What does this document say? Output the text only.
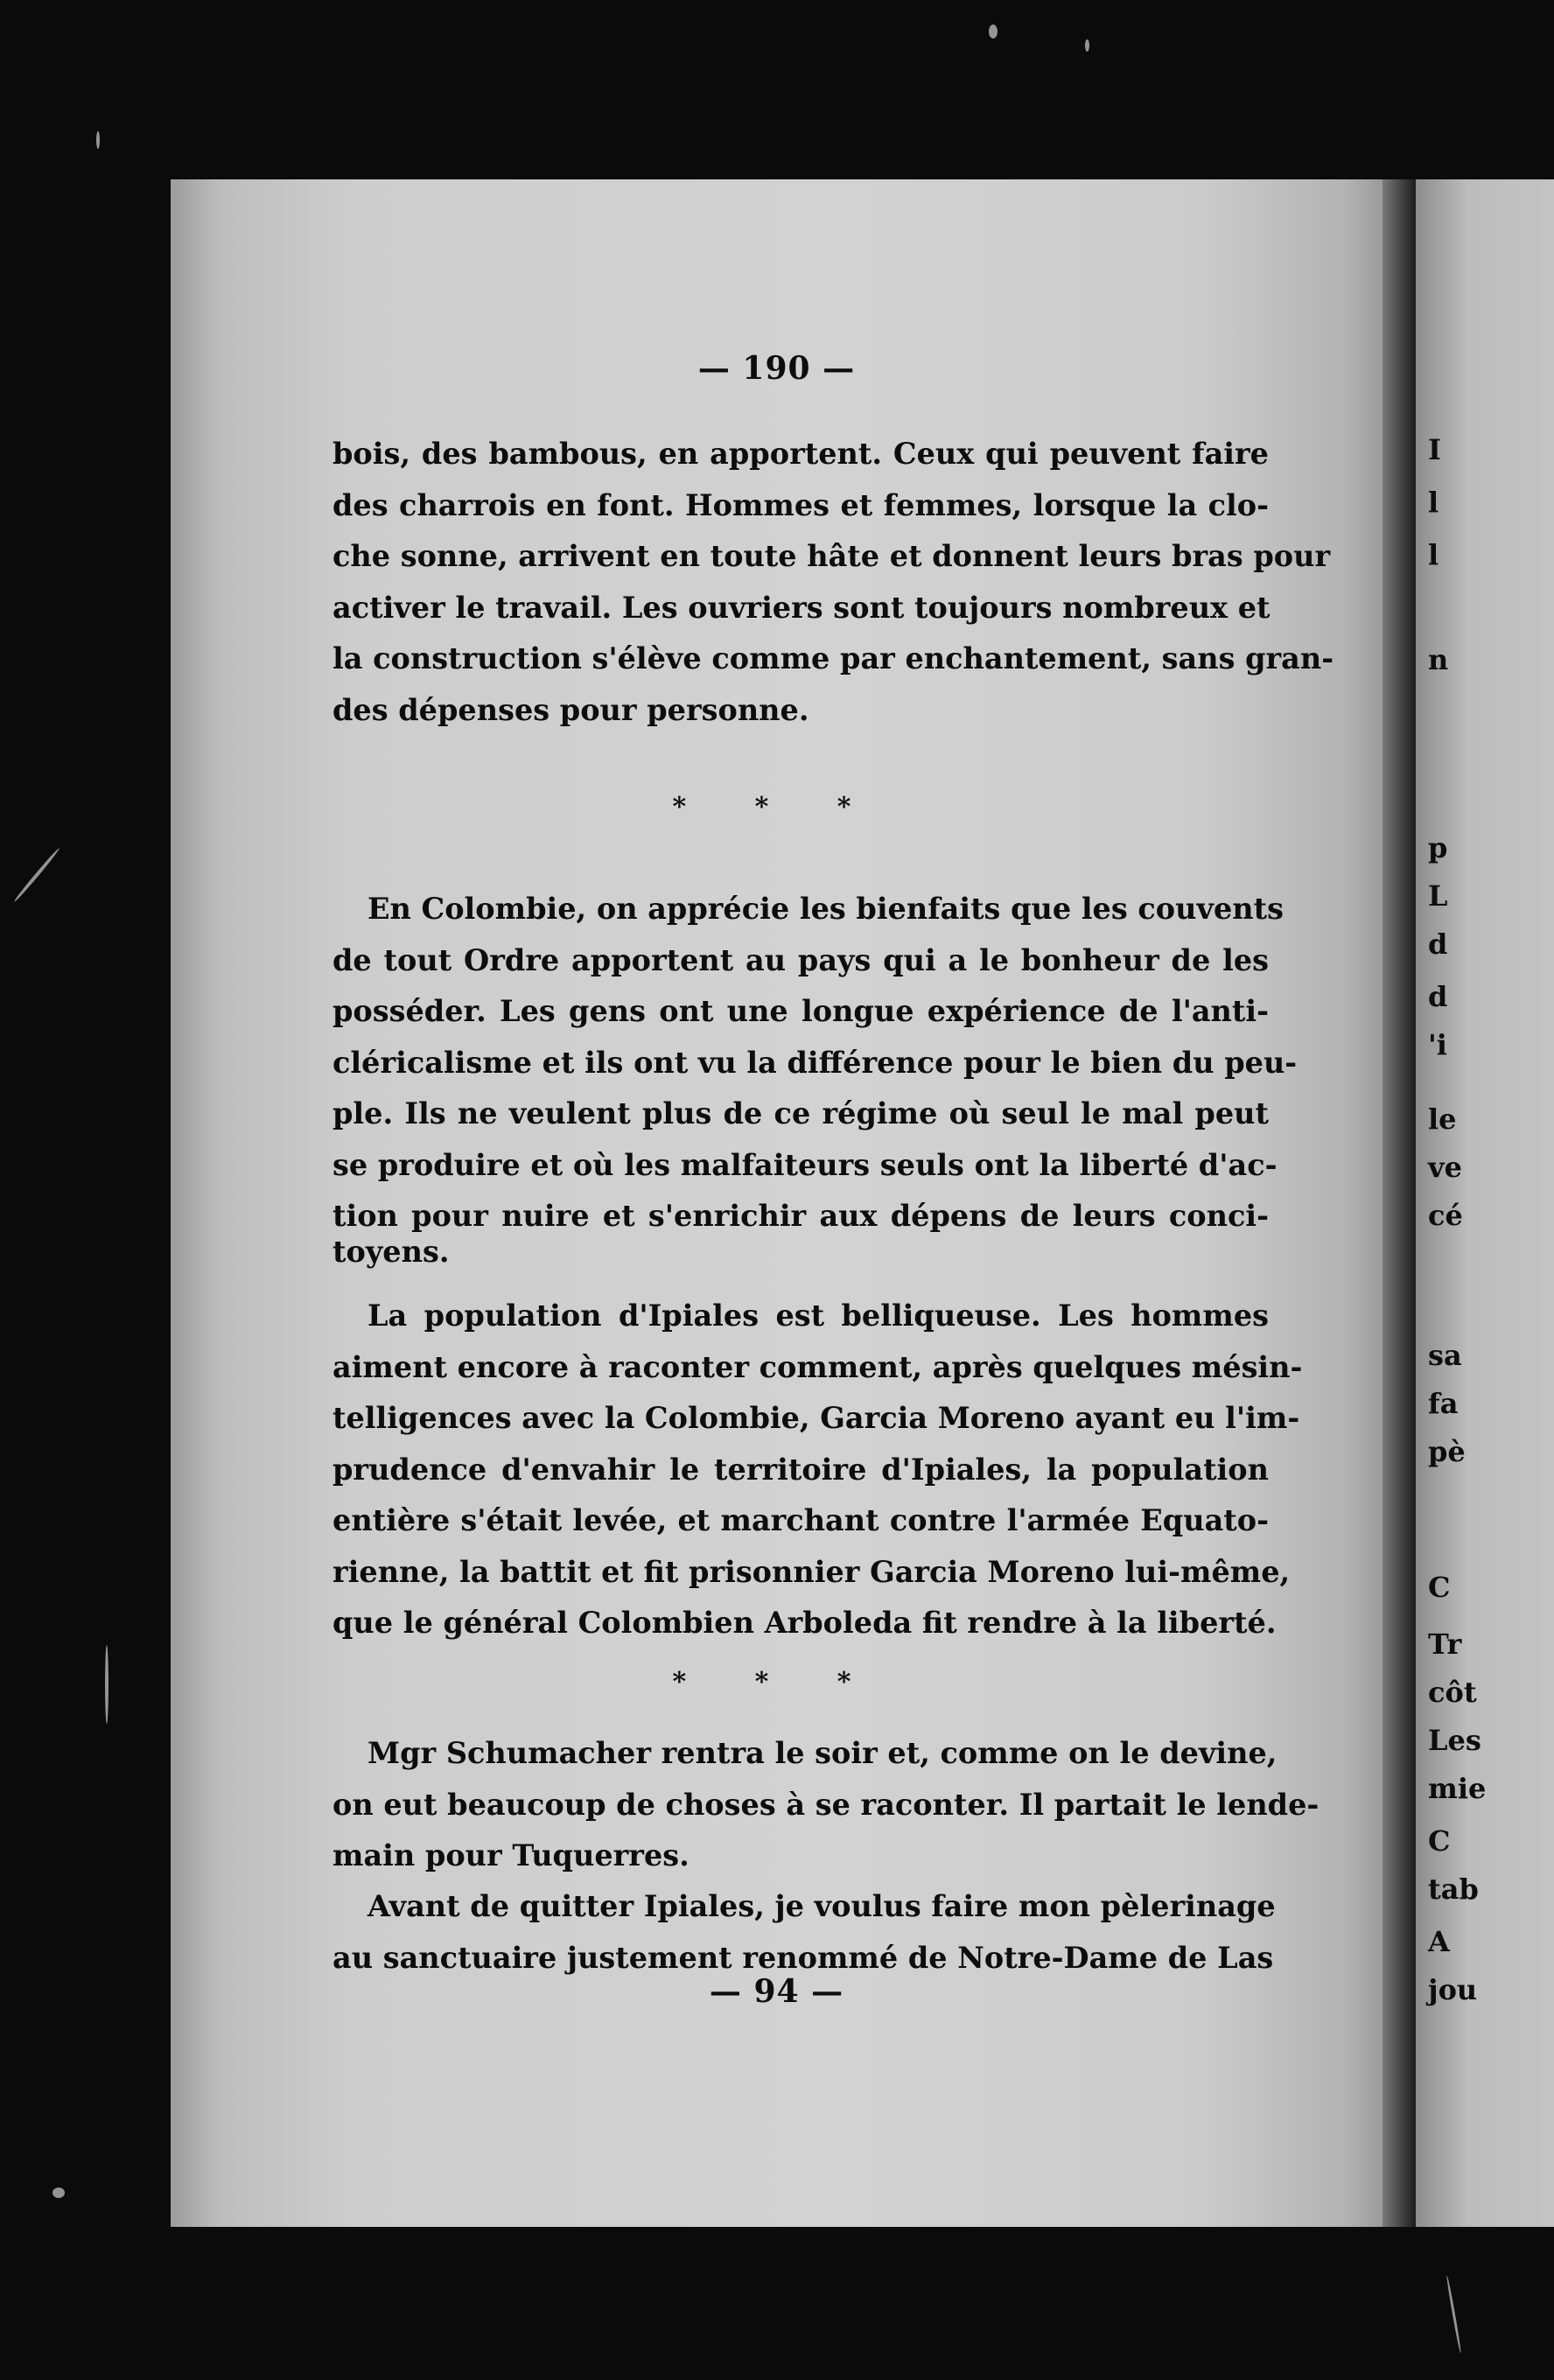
— 190 —
bois, des bambous, en apportent. Ceux qui peuvent faire
des charrois en font. Hommes et femmes, lorsque la clo-
che sonne, arrivent en toute hâte et donnent leurs bras pour
activer le travail. Les ouvriers sont toujours nombreux et
la construction s'élève comme par enchantement, sans gran-
des dépenses pour personne.
* * *
En Colombie, on apprécie les bienfaits que les couvents
de tout Ordre apportent au pays qui a le bonheur de les
posséder. Les gens ont une longue expérience de l'anti-
cléricalisme et ils ont vu la différence pour le bien du peu-
ple. Ils ne veulent plus de ce régime où seul le mal peut
se produire et où les malfaiteurs seuls ont la liberté d'ac-
tion pour nuire et s'enrichir aux dépens de leurs conci-
toyens.
La population d'Ipiales est belliqueuse. Les hommes
aiment encore à raconter comment, après quelques mésin-
telligences avec la Colombie, Garcia Moreno ayant eu l'im-
prudence d'envahir le territoire d'Ipiales, la population
entière s'était levée, et marchant contre l'armée Equato-
rienne, la battit et fit prisonnier Garcia Moreno lui-même,
que le général Colombien Arboleda fit rendre à la liberté.
* * *
Mgr Schumacher rentra le soir et, comme on le devine,
on eut beaucoup de choses à se raconter. Il partait le lende-
main pour Tuquerres.
Avant de quitter Ipiales, je voulus faire mon pèlerinage
au sanctuaire justement renommé de Notre-Dame de Las
— 94 —
I
l
l
n
p
L
d
d
'i
le
ve
cé
sa
fa
pè
C
Tr
côt
Les
mie
C
tab
A
jou
